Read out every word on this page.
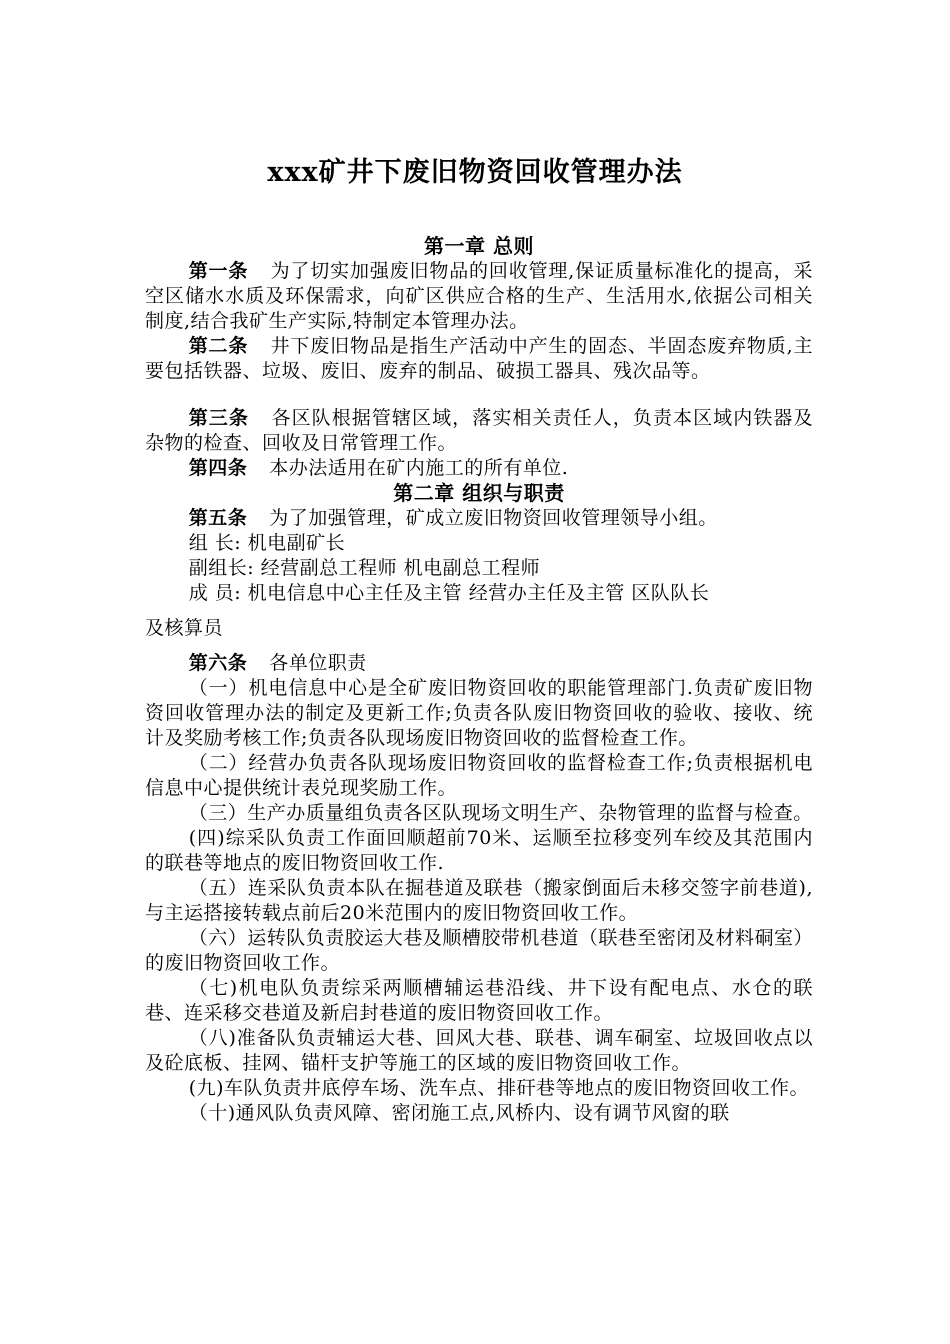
xxx矿井下废旧物资回收管理办法
第一章 总则
第一条 为了切实加强废旧物品的回收管理,保证质量标准化的提高，采空区储水水质及环保需求，向矿区供应合格的生产、生活用水,依据公司相关制度,结合我矿生产实际,特制定本管理办法。
第二条 井下废旧物品是指生产活动中产生的固态、半固态废弃物质,主要包括铁器、垃圾、废旧、废弃的制品、破损工器具、残次品等。
第三条 各区队根据管辖区域，落实相关责任人，负责本区域内铁器及杂物的检查、回收及日常管理工作。
第四条 本办法适用在矿内施工的所有单位.
第二章 组织与职责
第五条 为了加强管理，矿成立废旧物资回收管理领导小组。
组 长: 机电副矿长
副组长: 经营副总工程师 机电副总工程师
成 员: 机电信息中心主任及主管 经营办主任及主管 区队队长
及核算员
第六条 各单位职责
（一）机电信息中心是全矿废旧物资回收的职能管理部门.负责矿废旧物资回收管理办法的制定及更新工作;负责各队废旧物资回收的验收、接收、统计及奖励考核工作;负责各队现场废旧物资回收的监督检查工作。
（二）经营办负责各队现场废旧物资回收的监督检查工作;负责根据机电信息中心提供统计表兑现奖励工作。
（三）生产办质量组负责各区队现场文明生产、杂物管理的监督与检查。
(四)综采队负责工作面回顺超前70米、运顺至拉移变列车绞及其范围内的联巷等地点的废旧物资回收工作.
（五）连采队负责本队在掘巷道及联巷（搬家倒面后未移交签字前巷道),与主运搭接转载点前后20米范围内的废旧物资回收工作。
（六）运转队负责胶运大巷及顺槽胶带机巷道（联巷至密闭及材料硐室）的废旧物资回收工作。
（七)机电队负责综采两顺槽辅运巷沿线、井下设有配电点、水仓的联巷、连采移交巷道及新启封巷道的废旧物资回收工作。
（八)准备队负责辅运大巷、回风大巷、联巷、调车硐室、垃圾回收点以及砼底板、挂网、锚杆支护等施工的区域的废旧物资回收工作。
(九)车队负责井底停车场、洗车点、排矸巷等地点的废旧物资回收工作。
（十)通风队负责风障、密闭施工点,风桥内、设有调节风窗的联
